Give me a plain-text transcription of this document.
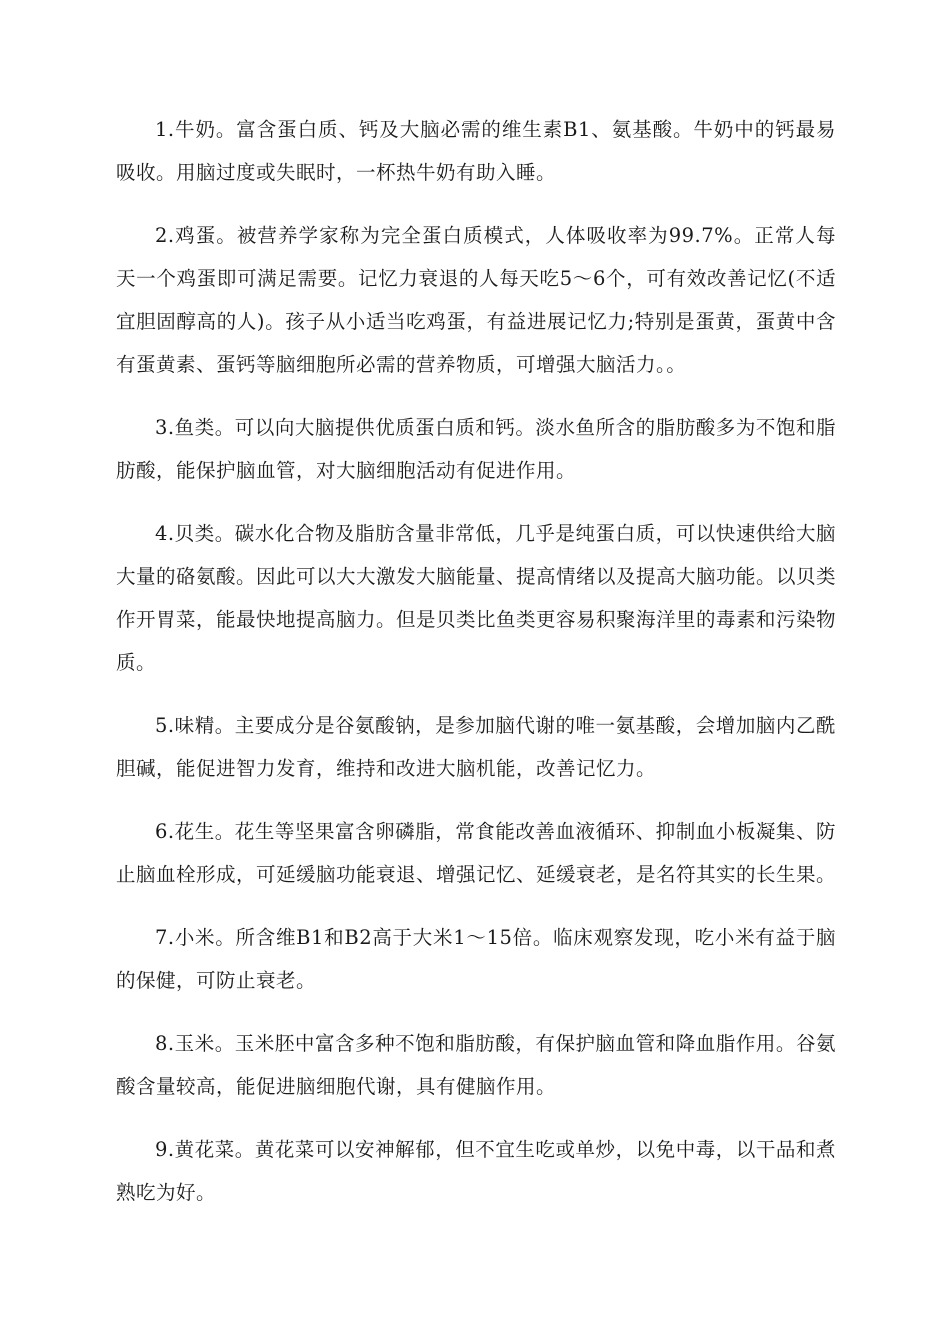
1.牛奶。富含蛋白质、钙及大脑必需的维生素B1、氨基酸。牛奶中的钙最易吸收。用脑过度或失眠时，一杯热牛奶有助入睡。

2.鸡蛋。被营养学家称为完全蛋白质模式，人体吸收率为99.7%。正常人每天一个鸡蛋即可满足需要。记忆力衰退的人每天吃5～6个，可有效改善记忆(不适宜胆固醇高的人)。孩子从小适当吃鸡蛋，有益进展记忆力;特别是蛋黄，蛋黄中含有蛋黄素、蛋钙等脑细胞所必需的营养物质，可增强大脑活力。。

3.鱼类。可以向大脑提供优质蛋白质和钙。淡水鱼所含的脂肪酸多为不饱和脂肪酸，能保护脑血管，对大脑细胞活动有促进作用。

4.贝类。碳水化合物及脂肪含量非常低，几乎是纯蛋白质，可以快速供给大脑大量的硌氨酸。因此可以大大激发大脑能量、提高情绪以及提高大脑功能。以贝类作开胃菜，能最快地提高脑力。但是贝类比鱼类更容易积聚海洋里的毒素和污染物质。

5.味精。主要成分是谷氨酸钠，是参加脑代谢的唯一氨基酸，会增加脑内乙酰胆碱，能促进智力发育，维持和改进大脑机能，改善记忆力。

6.花生。花生等坚果富含卵磷脂，常食能改善血液循环、抑制血小板凝集、防止脑血栓形成，可延缓脑功能衰退、增强记忆、延缓衰老，是名符其实的长生果。

7.小米。所含维B1和B2高于大米1～15倍。临床观察发现，吃小米有益于脑的保健，可防止衰老。

8.玉米。玉米胚中富含多种不饱和脂肪酸，有保护脑血管和降血脂作用。谷氨酸含量较高，能促进脑细胞代谢，具有健脑作用。

9.黄花菜。黄花菜可以安神解郁，但不宜生吃或单炒，以免中毒，以干品和煮熟吃为好。
